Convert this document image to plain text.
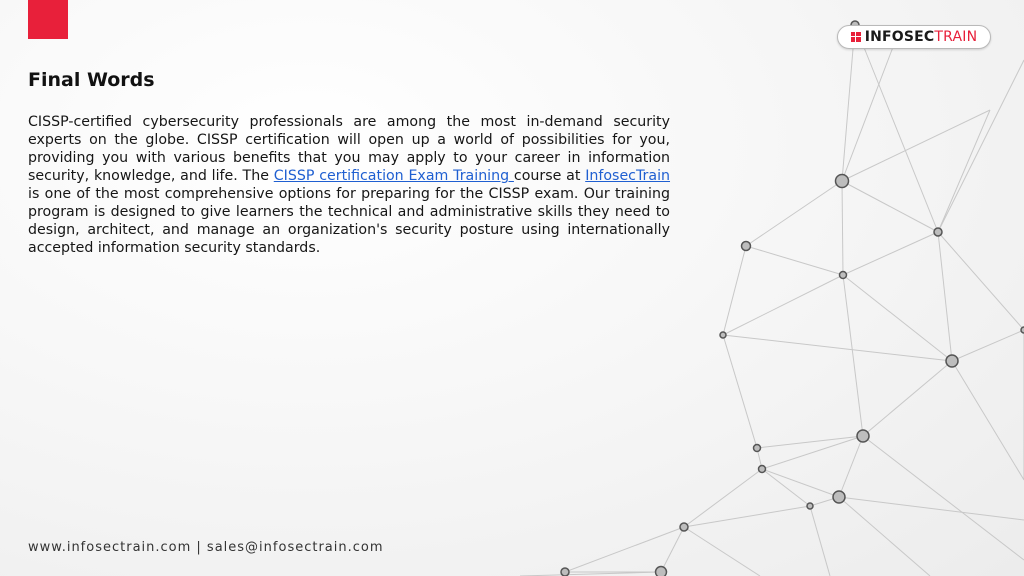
INFOSECTRAIN
Final Words

CISSP-certified cybersecurity professionals are among the most in-demand security experts on the globe. CISSP certification will open up a world of possibilities for you, providing you with various benefits that you may apply to your career in information security, knowledge, and life. The CISSP certification Exam Training course at InfosecTrain is one of the most comprehensive options for preparing for the CISSP exam. Our training program is designed to give learners the technical and administrative skills they need to design, architect, and manage an organization's security posture using internationally accepted information security standards.

www.infosectrain.com | sales@infosectrain.com
